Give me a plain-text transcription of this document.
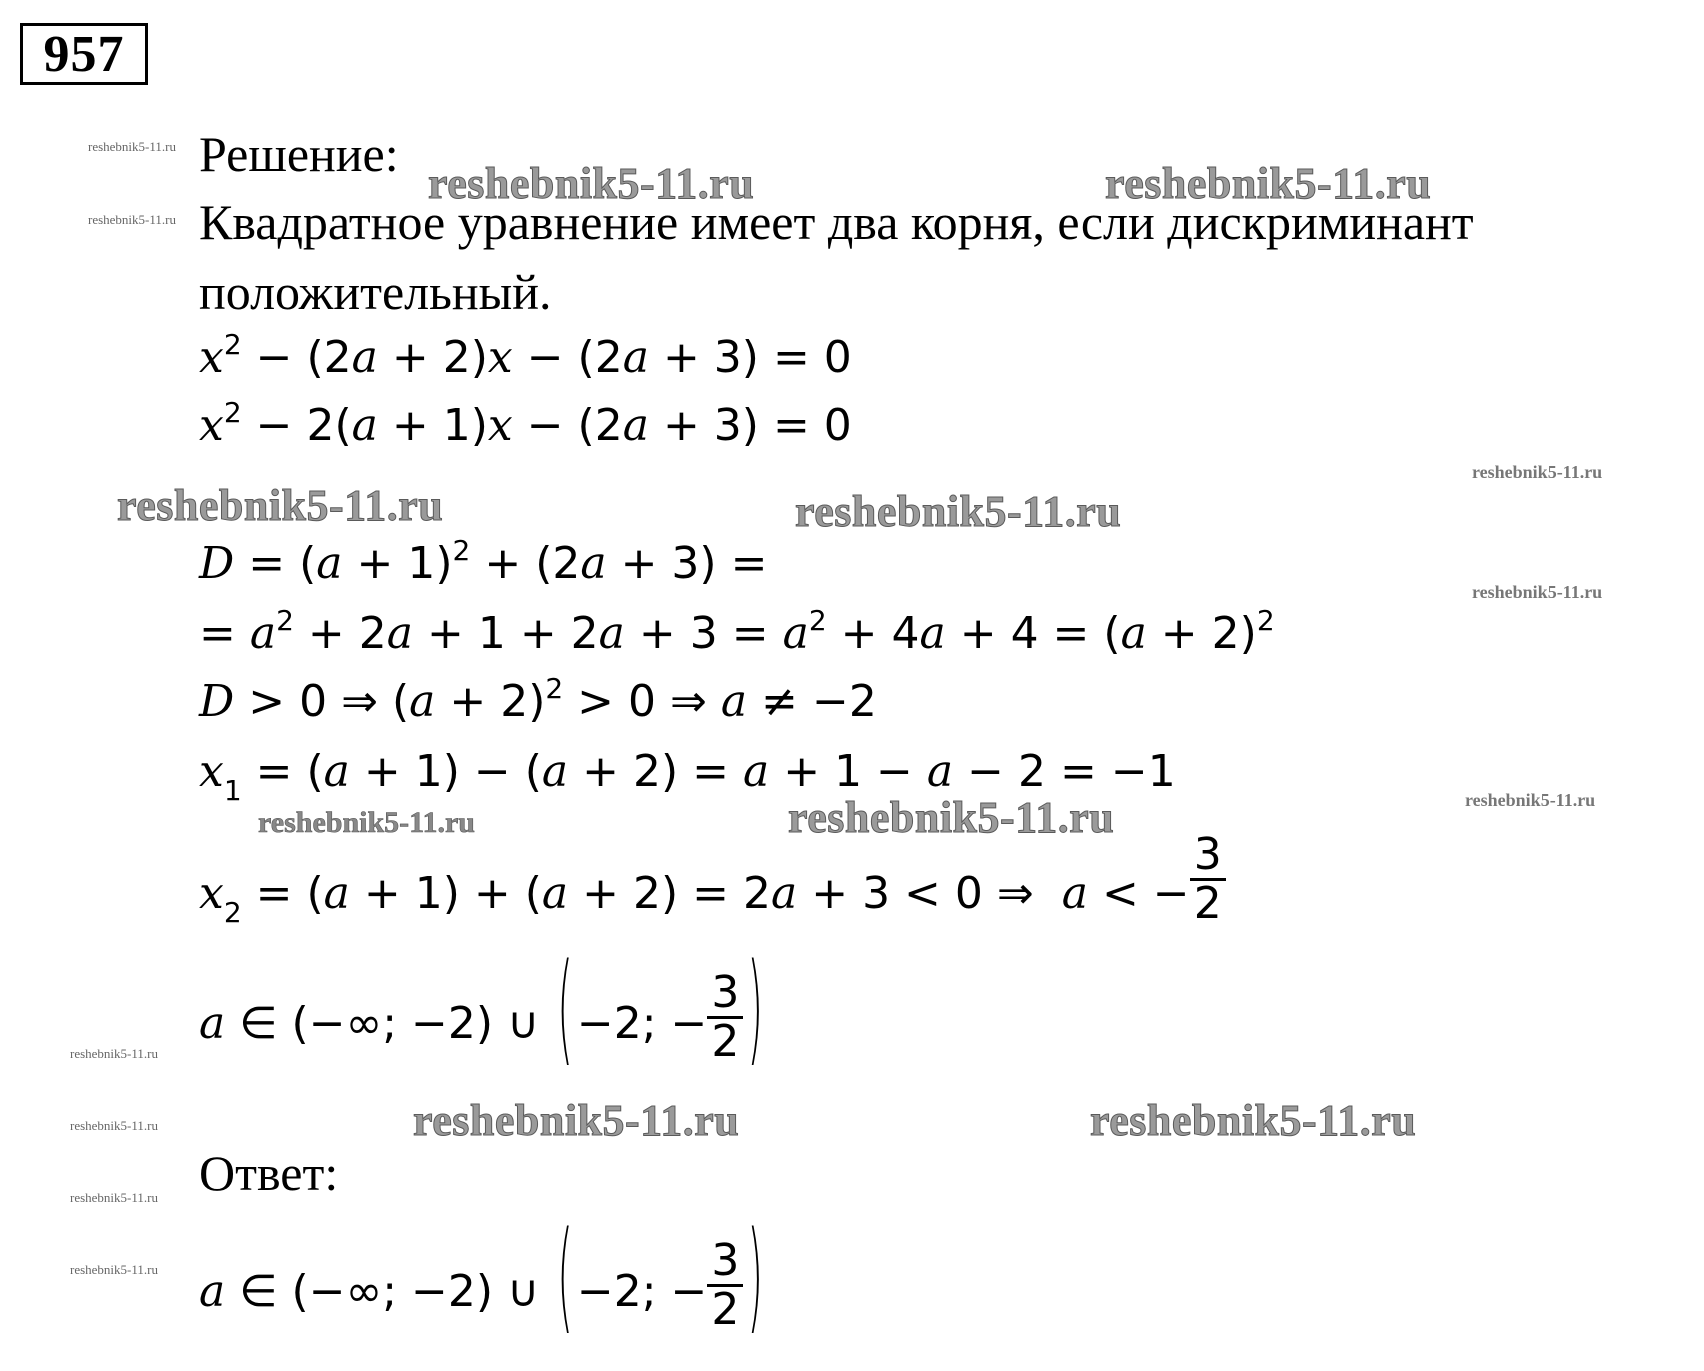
957
reshebnik5-11.ru
reshebnik5-11.ru
reshebnik5-11.ru
reshebnik5-11.ru
reshebnik5-11.ru
reshebnik5-11.ru
reshebnik5-11.ru
reshebnik5-11.ru
reshebnik5-11.ru
Решение:
Квадратное уравнение имеет два корня, если дискриминант
положительный.
reshebnik5-11.ru	reshebnik5-11.ru
reshebnik5-11.ru	reshebnik5-11.ru
reshebnik5-11.ru	reshebnik5-11.ru
reshebnik5-11.ru	reshebnik5-11.ru
$x^2 - (2a + 2)x - (2a + 3) = 0$
$x^2 - 2(a + 1)x - (2a + 3) = 0$
$D = (a + 1)^2 + (2a + 3)$ =
= $a^2 + 2a + 1 + 2a + 3 = a^2 + 4a + 4 = (a + 2)^2$
D > 0 ⇒ $(a + 2)^2 > 0$ ⇒ a ≠ −2
$x_1 = (a + 1) - (a + 2) = a + 1 - a - 2 = -1$
$x_2 = (a + 1) + (a + 2) = 2a + 3 < 0$ ⇒  a < − $\frac{3}{2}$
a ∈ (−∞; −2) ∪ (−2; − $\frac{3}{2}$ )
Ответ:
a ∈ (−∞; −2) ∪ (−2; − $\frac{3}{2}$ )
